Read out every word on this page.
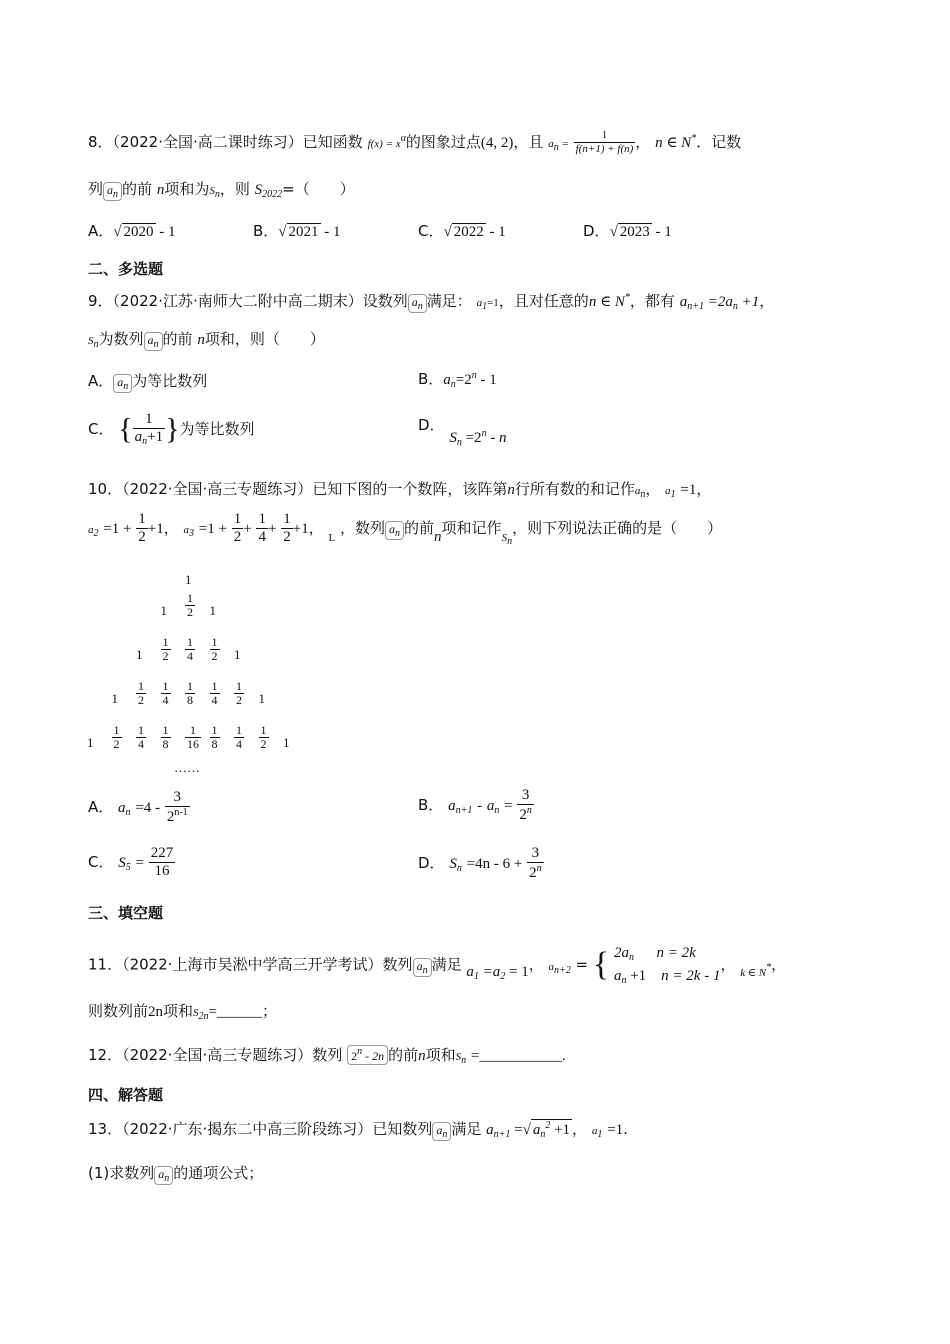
8．（2022·全国·高二课时练习）已知函数 f(x) = xα的图象过点(4, 2)，且 an = $\frac{1}{f(n+1) + f(n)}$ ， n ∈ N*．记数
列 $a_n$ 的前 n项和为Sn，则 $S_{2022}=$（　　）
A．√ 2020 - 1	B．√ 2021 - 1	C．√ 2022 - 1	D．√ 2023 - 1
二、多选题
9．（2022·江苏·南师大二附中高二期末）设数列 $a_n$ 满足： a1=1，且对任意的n ∈ N*，都有 $a_{n+1} =2a_n +1$，
Sn为数列 $a_n$ 的前 n项和，则（　　）
A． $a_n$ 为等比数列	B．$a_n=2^n - 1$
C． { $\frac{1}{a_n+1}$ }为等比数列	D． $S_n =2^n - n$
10．（2022·全国·高三专题练习）已知下图的一个数阵，该阵第n行所有数的和记作an， a1 =1，
$a2 =1 + \frac{1}{2} +1$， $a3 =1 + \frac{1}{2} + \frac{1}{4} + \frac{1}{2} +1$， $_L$ ，数列 $a_n$ 的前n项和记作$_{Sn}$，则下列说法正确的是（　　）
1
$1 \frac{1}{2} 1$
$1 \frac{1}{2} \frac{1}{4} \frac{1}{2} 1$
$1 \frac{1}{2} \frac{1}{4} \frac{1}{8} \frac{1}{4} \frac{1}{2} 1$
$1 \frac{1}{2} \frac{1}{4} \frac{1}{8} \frac{1}{16} \frac{1}{8} \frac{1}{4} \frac{1}{2} 1$
……
A． $a_n =4 - \frac{3}{2^{n-1}}$	B． $a_{n+1} - a_n = \frac{3}{2^n}$
C． $S_5 = \frac{227}{16}$	D． $S_n =4n - 6 + \frac{3}{2^n}$
三、填空题
11．（2022·上海市吴淞中学高三开学考试）数列 $a_n$ 满足 $a_1 =a_2 = 1$， an+2 = { $2a_n$ n = 2k
$a_n +1$ n = 2k - 1， $_{k \in N*}$，
则数列前2n项和S2n=______；
12．（2022·全国·高三专题练习）数列 2$^n$ - 2n 的前n项和Sn =___________.
四、解答题
13．（2022·广东·揭东二中高三阶段练习）已知数列 $a_n$ 满足 $a_{n+1}$ =√ $a_n^2 +1$ ， a1 =1.
(1)求数列 $a_n$ 的通项公式；
